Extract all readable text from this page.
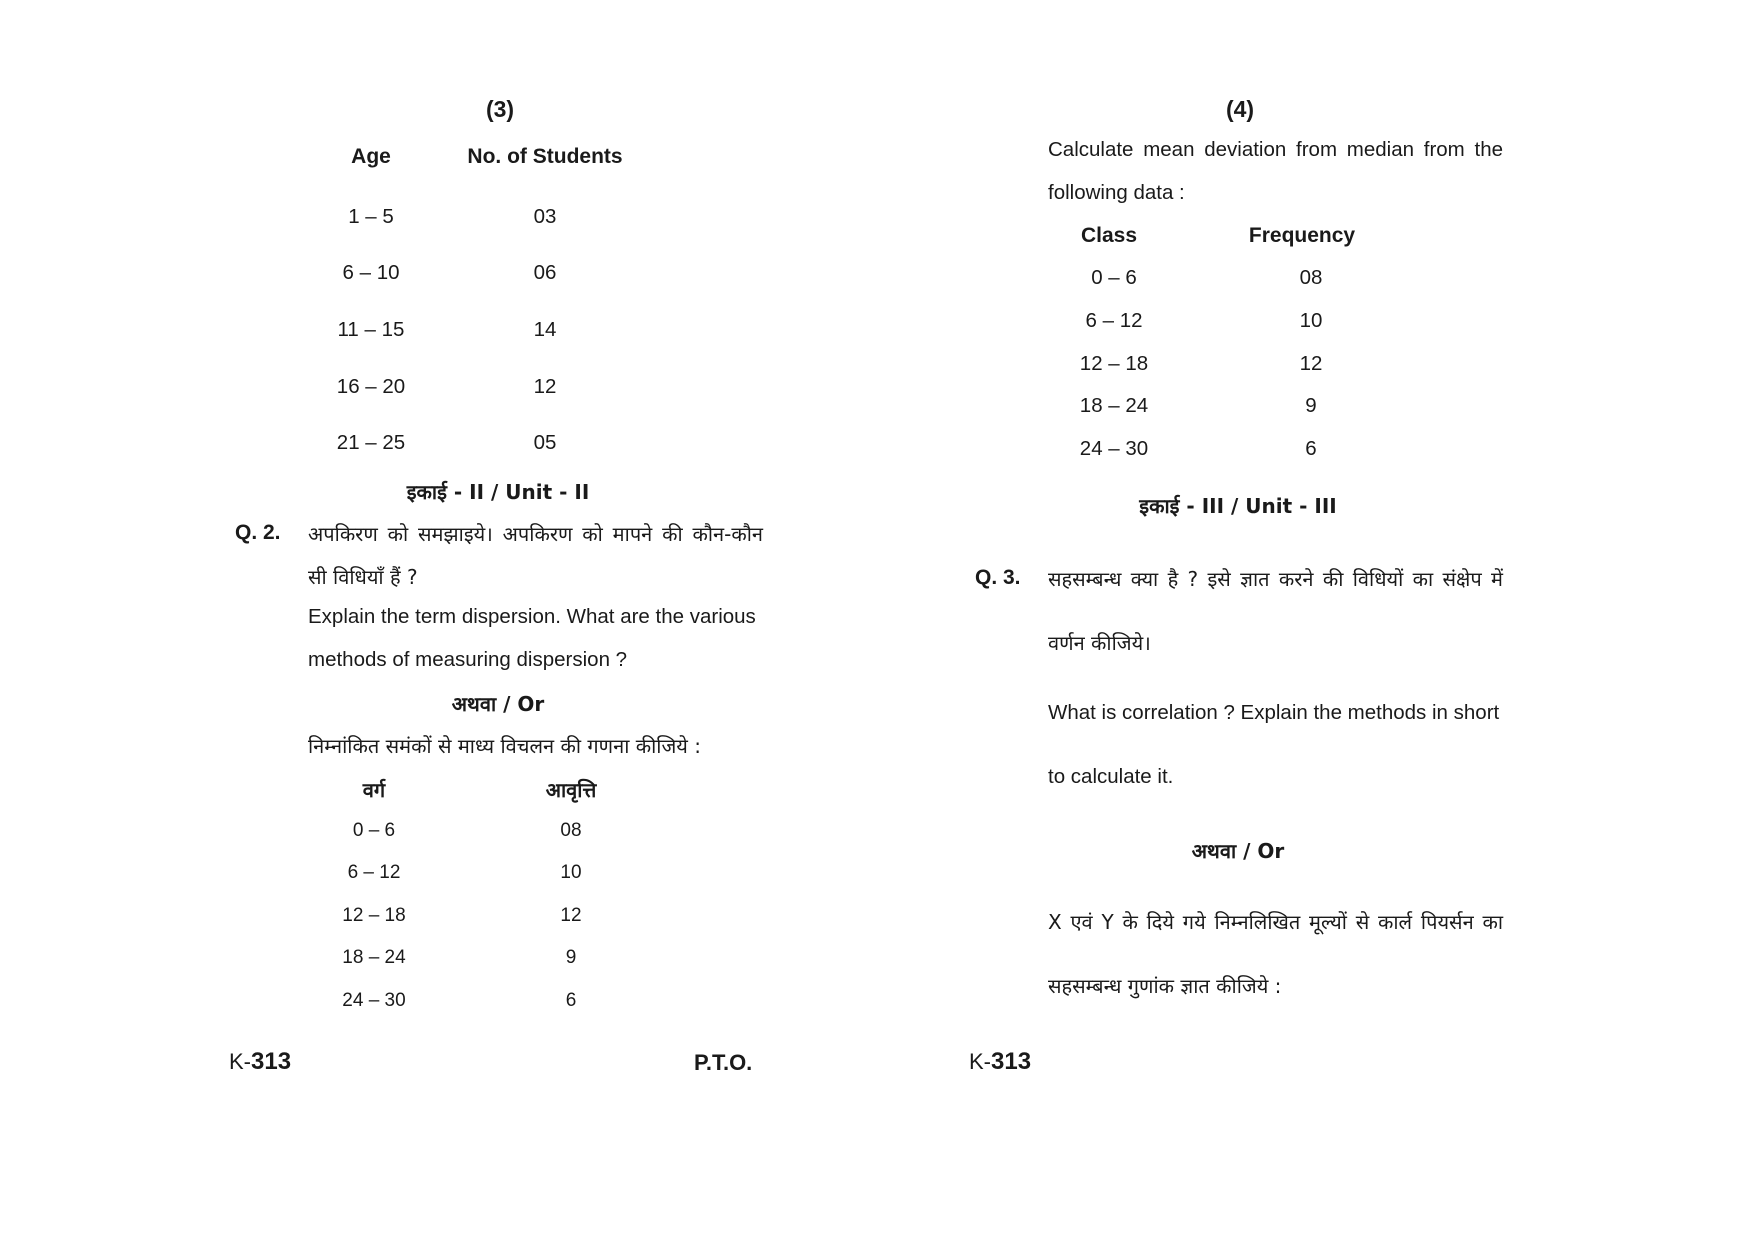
(3)
Age	No. of Students
1 – 5	03
6 – 10	06
11 – 15	14
16 – 20	12
21 – 25	05
इकाई - II / Unit - II
Q. 2. अपकिरण को समझाइये। अपकिरण को मापने की कौन-कौन
सी विधियाँ हैं ?
Explain the term dispersion. What are the various
methods of measuring dispersion ?
अथवा / Or
निम्नांकित समंकों से माध्य विचलन की गणना कीजिये :
वर्ग	आवृत्ति
0 – 6	08
6 – 12	10
12 – 18	12
18 – 24	9
24 – 30	6
K-313	P.T.O.
(4)
Calculate mean deviation from median from the
following data :
Class	Frequency
0 – 6	08
6 – 12	10
12 – 18	12
18 – 24	9
24 – 30	6
इकाई - III / Unit - III
Q. 3. सहसम्बन्ध क्या है ? इसे ज्ञात करने की विधियों का संक्षेप में
वर्णन कीजिये।
What is correlation ? Explain the methods in short
to calculate it.
अथवा / Or
X एवं Y के दिये गये निम्नलिखित मूल्यों से कार्ल पियर्सन का
सहसम्बन्ध गुणांक ज्ञात कीजिये :
K-313
